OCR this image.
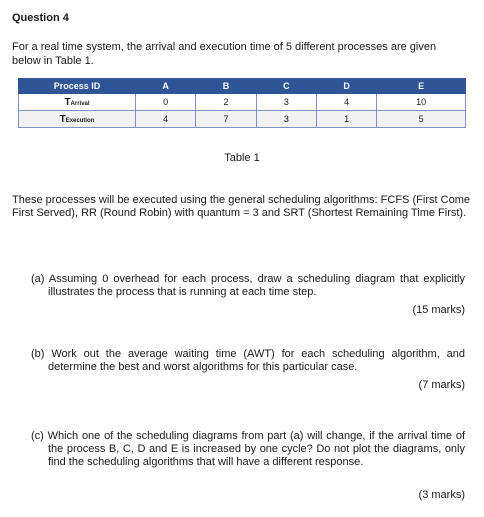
Question 4
For a real time system, the arrival and execution time of 5 different processes are given below in Table 1.
Process ID	A	B	C	D	E
TArrival	0	2	3	4	10
TExecution	4	7	3	1	5
Table 1
These processes will be executed using the general scheduling algorithms: FCFS (First Come First Served), RR (Round Robin) with quantum = 3 and SRT (Shortest Remaining Time First).
(a) Assuming 0 overhead for each process, draw a scheduling diagram that explicitly illustrates the process that is running at each time step.
(15 marks)
(b) Work out the average waiting time (AWT) for each scheduling algorithm, and determine the best and worst algorithms for this particular case.
(7 marks)
(c) Which one of the scheduling diagrams from part (a) will change, if the arrival time of the process B, C, D and E is increased by one cycle? Do not plot the diagrams, only find the scheduling algorithms that will have a different response.
(3 marks)
